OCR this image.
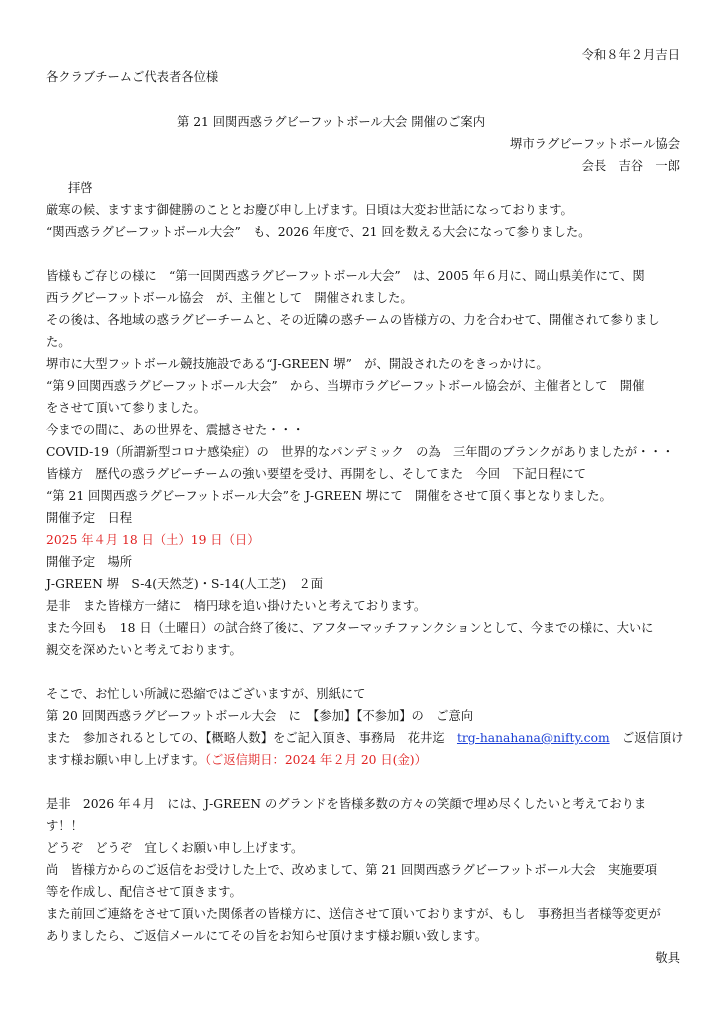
令和８年２月吉日
各クラブチームご代表者各位様
第 21 回関西惑ラグビーフットボール大会 開催のご案内
堺市ラグビーフットボール協会
会長　吉谷　一郎
拝啓
厳寒の候、ますます御健勝のこととお慶び申し上げます。日頃は大変お世話になっております。
“関西惑ラグビーフットボール大会”　も、2026 年度で、21 回を数える大会になって参りました。
皆様もご存じの様に　“第一回関西惑ラグビーフットボール大会”　は、2005 年６月に、岡山県美作にて、関
西ラグビーフットボール協会　が、主催として　開催されました。
その後は、各地域の惑ラグビーチームと、その近隣の惑チームの皆様方の、力を合わせて、開催されて参りまし
た。
堺市に大型フットボール競技施設である“J-GREEN 堺”　が、開設されたのをきっかけに。
“第９回関西惑ラグビーフットボール大会”　から、当堺市ラグビーフットボール協会が、主催者として　開催
をさせて頂いて参りました。
今までの間に、あの世界を、震撼させた・・・
COVID-19（所謂新型コロナ感染症）の　世界的なパンデミック　の為　三年間のブランクがありましたが・・・
皆様方　歴代の惑ラグビーチームの強い要望を受け、再開をし、そしてまた　今回　下記日程にて
“第 21 回関西惑ラグビーフットボール大会”を J-GREEN 堺にて　開催をさせて頂く事となりました。
開催予定　日程
2025 年４月 18 日（土）19 日（日）
開催予定　場所
J-GREEN 堺　S-4(天然芝)・S-14(人工芝)　２面
是非　また皆様方一緒に　楕円球を追い掛けたいと考えております。
また今回も　18 日（土曜日）の試合終了後に、アフターマッチファンクションとして、今までの様に、大いに
親交を深めたいと考えております。
そこで、お忙しい所誠に恐縮ではございますが、別紙にて
第 20 回関西惑ラグビーフットボール大会　に　【参加】【不参加】の　ご意向
また　参加されるとしての、【概略人数】をご記入頂き、事務局　花井迄　trg-hanahana@nifty.com　ご返信頂け
ます様お願い申し上げます。（ご返信期日：2024 年２月 20 日(金)）
是非　2026 年４月　には、J-GREEN のグランドを皆様多数の方々の笑顔で埋め尽くしたいと考えておりま
す！！
どうぞ　どうぞ　宜しくお願い申し上げます。
尚　皆様方からのご返信をお受けした上で、改めまして、第 21 回関西惑ラグビーフットボール大会　実施要項
等を作成し、配信させて頂きます。
また前回ご連絡をさせて頂いた関係者の皆様方に、送信させて頂いておりますが、もし　事務担当者様等変更が
ありましたら、ご返信メールにてその旨をお知らせ頂けます様お願い致します。
敬具
